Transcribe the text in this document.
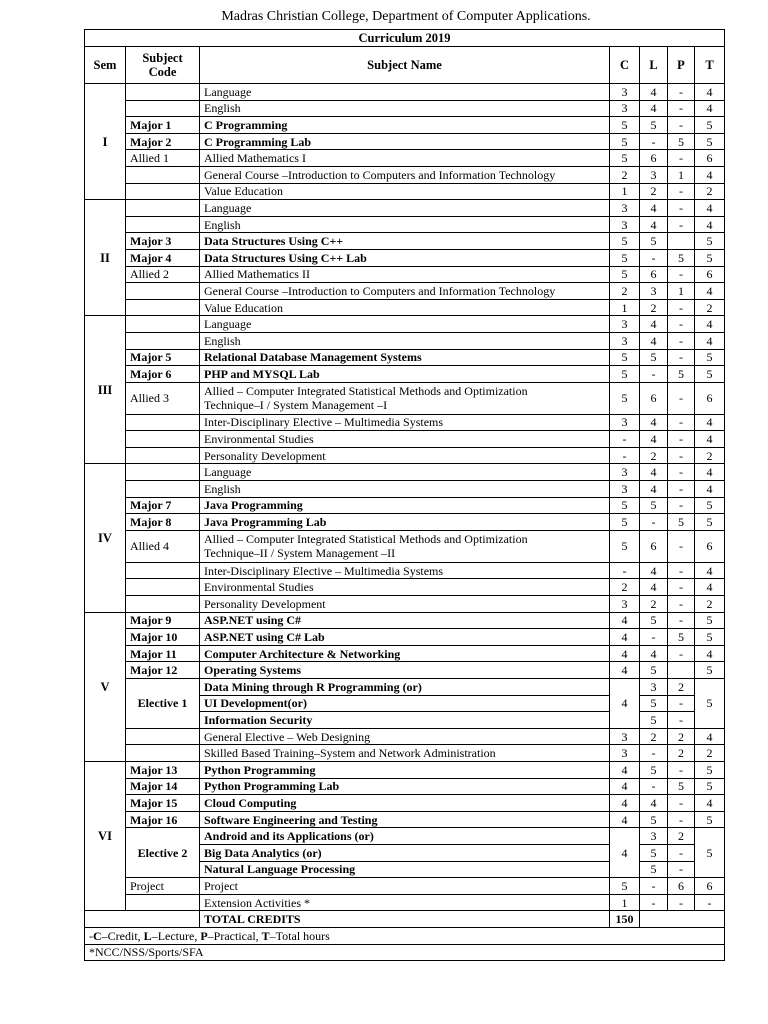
Madras Christian College, Department of Computer Applications.
Curriculum 2019						
Sem	Subject Code	Subject Name	C	L	P	T
I		Language	3	4	-	4
		English	3	4	-	4
	Major 1	C Programming	5	5	-	5
	Major 2	C Programming Lab	5	-	5	5
	Allied 1	Allied Mathematics I	5	6	-	6
		General Course –Introduction to Computers and Information Technology	2	3	1	4
		Value Education	1	2	-	2
II		Language	3	4	-	4
		English	3	4	-	4
	Major 3	Data Structures Using C++	5	5		5
	Major 4	Data Structures Using C++ Lab	5	-	5	5
	Allied 2	Allied Mathematics II	5	6	-	6
		General Course –Introduction to Computers and Information Technology	2	3	1	4
		Value Education	1	2	-	2
III		Language	3	4	-	4
		English	3	4	-	4
	Major 5	Relational Database Management Systems	5	5	-	5
	Major 6	PHP and MYSQL Lab	5	-	5	5
	Allied 3	Allied – Computer Integrated Statistical Methods and Optimization
Technique–I / System Management –I	5	6	-	6
		Inter-Disciplinary Elective – Multimedia Systems	3	4	-	4
		Environmental Studies	-	4	-	4
		Personality Development	-	2	-	2
IV		Language	3	4	-	4
		English	3	4	-	4
	Major 7	Java Programming	5	5	-	5
	Major 8	Java Programming Lab	5	-	5	5
	Allied 4	Allied – Computer Integrated Statistical Methods and Optimization
Technique–II / System Management –II	5	6	-	6
		Inter-Disciplinary Elective – Multimedia Systems	-	4	-	4
		Environmental Studies	2	4	-	4
		Personality Development	3	2	-	2
V	Major 9	ASP.NET using C#	4	5	-	5
	Major 10	ASP.NET using C# Lab	4	-	5	5
	Major 11	Computer Architecture & Networking	4	4	-	4
	Major 12	Operating Systems	4	5		5
	Elective 1	Data Mining through R Programming (or)	4	3	2	5
		UI Development(or)		5	-	
		Information Security		5	-	
		General Elective – Web Designing	3	2	2	4
		Skilled Based Training–System and Network Administration	3	-	2	2
VI	Major 13	Python Programming	4	5	-	5
	Major 14	Python Programming Lab	4	-	5	5
	Major 15	Cloud Computing	4	4	-	4
	Major 16	Software Engineering and Testing	4	5	-	5
	Elective 2	Android and its Applications (or)	4	3	2	5
		Big Data Analytics (or)		5	-	
		Natural Language Processing		5	-	
	Project	Project	5	-	6	6
		Extension Activities *	1	-	-	-
		TOTAL CREDITS	150			
-C–Credit, L–Lecture, P–Practical, T–Total hours						
*NCC/NSS/Sports/SFA						
